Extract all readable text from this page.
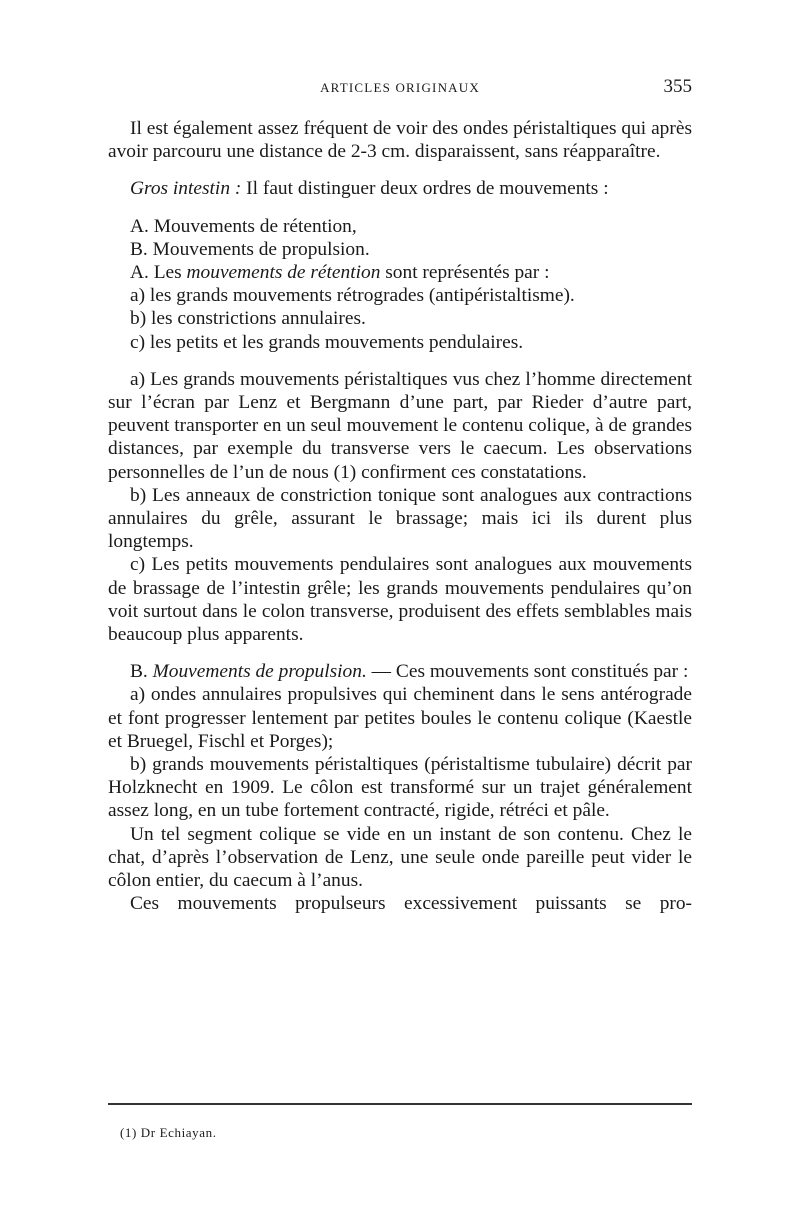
ARTICLES ORIGINAUX	355

Il est également assez fréquent de voir des ondes péristaltiques qui après avoir parcouru une distance de 2-3 cm. disparaissent, sans réapparaître.

Gros intestin : Il faut distinguer deux ordres de mouvements :

A. Mouvements de rétention,

B. Mouvements de propulsion.

A. Les mouvements de rétention sont représentés par :

a) les grands mouvements rétrogrades (antipéristaltisme).

b) les constrictions annulaires.

c) les petits et les grands mouvements pendulaires.

a) Les grands mouvements péristaltiques vus chez l’homme directement sur l’écran par Lenz et Bergmann d’une part, par Rieder d’autre part, peuvent transporter en un seul mouvement le contenu colique, à de grandes distances, par exemple du transverse vers le caecum. Les observations personnelles de l’un de nous (1) confirment ces constatations.

b) Les anneaux de constriction tonique sont analogues aux contractions annulaires du grêle, assurant le brassage; mais ici ils durent plus longtemps.

c) Les petits mouvements pendulaires sont analogues aux mouvements de brassage de l’intestin grêle; les grands mouvements pendulaires qu’on voit surtout dans le colon transverse, produisent des effets semblables mais beaucoup plus apparents.

B. Mouvements de propulsion. — Ces mouvements sont constitués par :

a) ondes annulaires propulsives qui cheminent dans le sens antérograde et font progresser lentement par petites boules le contenu colique (Kaestle et Bruegel, Fischl et Porges);

b) grands mouvements péristaltiques (péristaltisme tubulaire) décrit par Holzknecht en 1909. Le côlon est transformé sur un trajet généralement assez long, en un tube fortement contracté, rigide, rétréci et pâle.

Un tel segment colique se vide en un instant de son contenu. Chez le chat, d’après l’observation de Lenz, une seule onde pareille peut vider le côlon entier, du caecum à l’anus.

Ces mouvements propulseurs excessivement puissants se pro-

(1) Dr Echiayan.
